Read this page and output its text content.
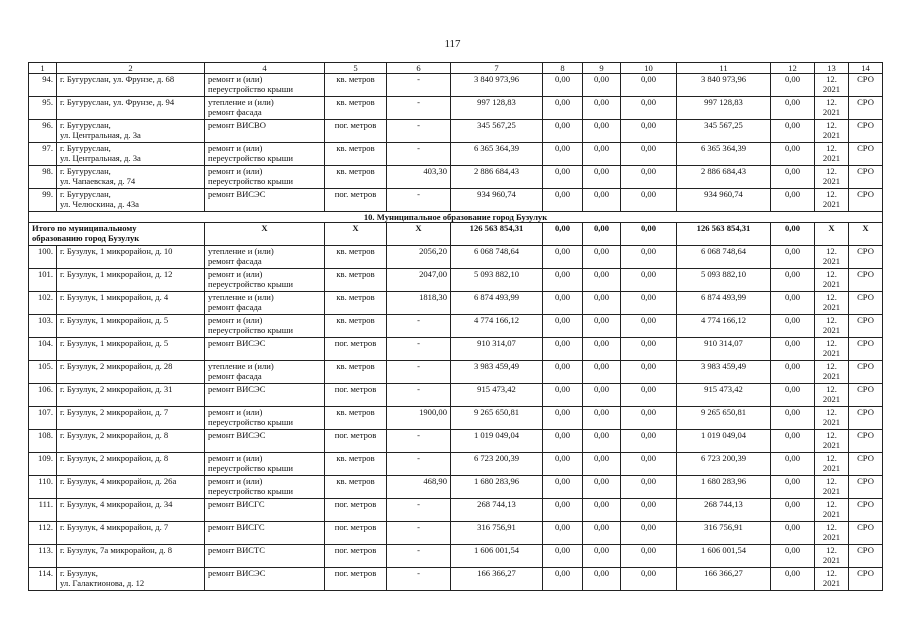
117
1	2	4	5	6	7	8	9	10	11	12	13	14
94.	г. Бугуруслан, ул. Фрунзе, д. 68	ремонт и (или)
переустройство крыши	кв. метров	-	3 840 973,96	0,00	0,00	0,00	3 840 973,96	0,00	12.
2021	СРО
95.	г. Бугуруслан, ул. Фрунзе, д. 94	утепление и (или)
ремонт фасада	кв. метров	-	997 128,83	0,00	0,00	0,00	997 128,83	0,00	12.
2021	СРО
96.	г. Бугуруслан,
ул. Центральная, д. 3а	ремонт ВИСВО	пог. метров	-	345 567,25	0,00	0,00	0,00	345 567,25	0,00	12.
2021	СРО
97.	г. Бугуруслан,
ул. Центральная, д. 3а	ремонт и (или)
переустройство крыши	кв. метров	-	6 365 364,39	0,00	0,00	0,00	6 365 364,39	0,00	12.
2021	СРО
98.	г. Бугуруслан,
ул. Чапаевская, д. 74	ремонт и (или)
переустройство крыши	кв. метров	403,30	2 886 684,43	0,00	0,00	0,00	2 886 684,43	0,00	12.
2021	СРО
99.	г. Бугуруслан,
ул. Челюскина, д. 43а	ремонт ВИСЭС	пог. метров	-	934 960,74	0,00	0,00	0,00	934 960,74	0,00	12.
2021	СРО
10. Муниципальное образование город Бузулук												
Итого по муниципальному
образованию город Бузулук		Х	Х	Х	126 563 854,31	0,00	0,00	0,00	126 563 854,31	0,00	Х	Х
100.	г. Бузулук, 1 микрорайон, д. 10	утепление и (или)
ремонт фасада	кв. метров	2056,20	6 068 748,64	0,00	0,00	0,00	6 068 748,64	0,00	12.
2021	СРО
101.	г. Бузулук, 1 микрорайон, д. 12	ремонт и (или)
переустройство крыши	кв. метров	2047,00	5 093 882,10	0,00	0,00	0,00	5 093 882,10	0,00	12.
2021	СРО
102.	г. Бузулук, 1 микрорайон, д. 4	утепление и (или)
ремонт фасада	кв. метров	1818,30	6 874 493,99	0,00	0,00	0,00	6 874 493,99	0,00	12.
2021	СРО
103.	г. Бузулук, 1 микрорайон, д. 5	ремонт и (или)
переустройство крыши	кв. метров	-	4 774 166,12	0,00	0,00	0,00	4 774 166,12	0,00	12.
2021	СРО
104.	г. Бузулук, 1 микрорайон, д. 5	ремонт ВИСЭС	пог. метров	-	910 314,07	0,00	0,00	0,00	910 314,07	0,00	12.
2021	СРО
105.	г. Бузулук, 2 микрорайон, д. 28	утепление и (или)
ремонт фасада	кв. метров	-	3 983 459,49	0,00	0,00	0,00	3 983 459,49	0,00	12.
2021	СРО
106.	г. Бузулук, 2 микрорайон, д. 31	ремонт ВИСЭС	пог. метров	-	915 473,42	0,00	0,00	0,00	915 473,42	0,00	12.
2021	СРО
107.	г. Бузулук, 2 микрорайон, д. 7	ремонт и (или)
переустройство крыши	кв. метров	1900,00	9 265 650,81	0,00	0,00	0,00	9 265 650,81	0,00	12.
2021	СРО
108.	г. Бузулук, 2 микрорайон, д. 8	ремонт ВИСЭС	пог. метров	-	1 019 049,04	0,00	0,00	0,00	1 019 049,04	0,00	12.
2021	СРО
109.	г. Бузулук, 2 микрорайон, д. 8	ремонт и (или)
переустройство крыши	кв. метров	-	6 723 200,39	0,00	0,00	0,00	6 723 200,39	0,00	12.
2021	СРО
110.	г. Бузулук, 4 микрорайон, д. 26а	ремонт и (или)
переустройство крыши	кв. метров	468,90	1 680 283,96	0,00	0,00	0,00	1 680 283,96	0,00	12.
2021	СРО
111.	г. Бузулук, 4 микрорайон, д. 34	ремонт ВИСГС	пог. метров	-	268 744,13	0,00	0,00	0,00	268 744,13	0,00	12.
2021	СРО
112.	г. Бузулук, 4 микрорайон, д. 7	ремонт ВИСГС	пог. метров	-	316 756,91	0,00	0,00	0,00	316 756,91	0,00	12.
2021	СРО
113.	г. Бузулук, 7а микрорайон, д. 8	ремонт ВИСТС	пог. метров	-	1 606 001,54	0,00	0,00	0,00	1 606 001,54	0,00	12.
2021	СРО
114.	г. Бузулук,
ул. Галактионова, д. 12	ремонт ВИСЭС	пог. метров	-	166 366,27	0,00	0,00	0,00	166 366,27	0,00	12.
2021	СРО
